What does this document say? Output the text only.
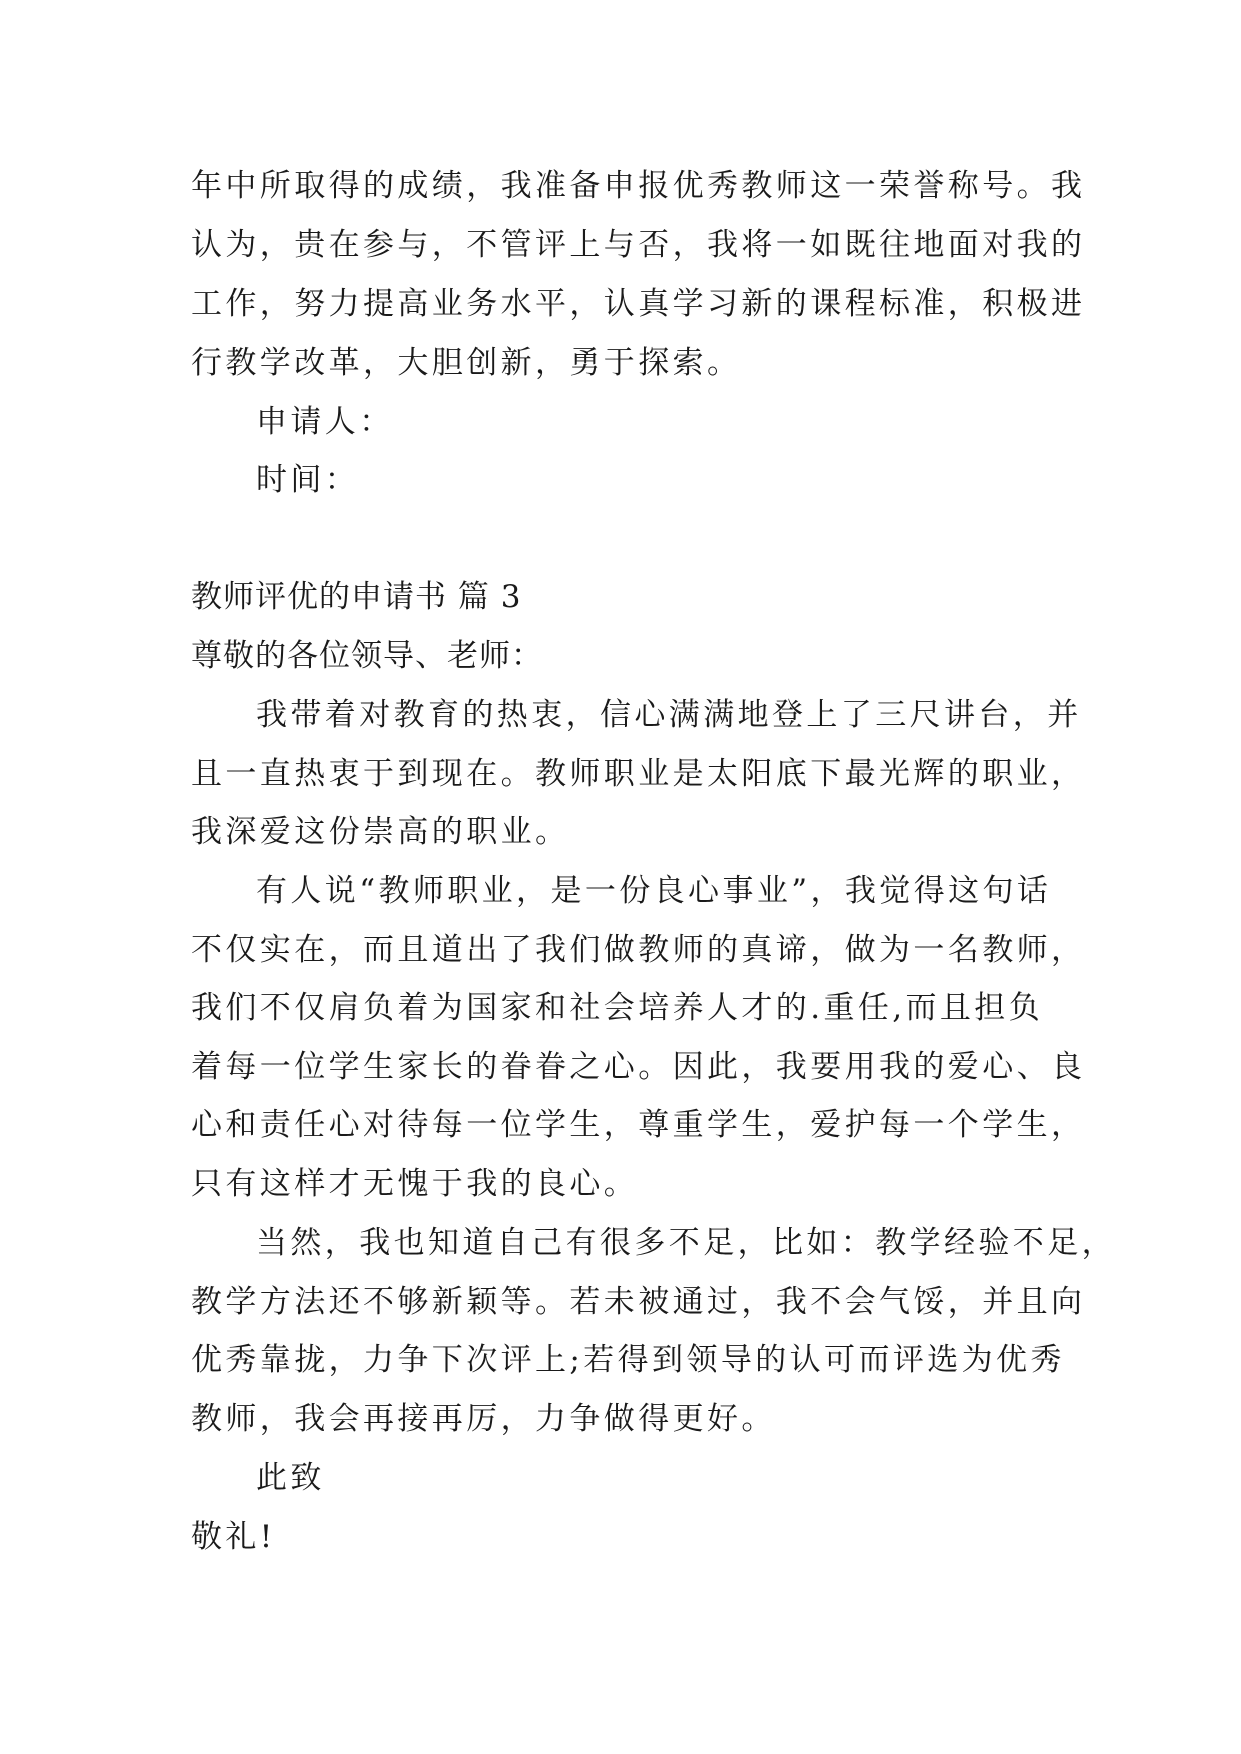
年中所取得的成绩，我准备申报优秀教师这一荣誉称号。我
认为，贵在参与，不管评上与否，我将一如既往地面对我的
工作，努力提高业务水平，认真学习新的课程标准，积极进
行教学改革，大胆创新，勇于探索。
申请人：
时间：
教师评优的申请书 篇 3
尊敬的各位领导、老师：
我带着对教育的热衷，信心满满地登上了三尺讲台，并
且一直热衷于到现在。教师职业是太阳底下最光辉的职业，
我深爱这份崇高的职业。
有人说“教师职业，是一份良心事业”，我觉得这句话
不仅实在，而且道出了我们做教师的真谛，做为一名教师，
我们不仅肩负着为国家和社会培养人才的.重任,而且担负
着每一位学生家长的眷眷之心。因此，我要用我的爱心、良
心和责任心对待每一位学生，尊重学生，爱护每一个学生，
只有这样才无愧于我的良心。
当然，我也知道自己有很多不足，比如：教学经验不足，
教学方法还不够新颖等。若未被通过，我不会气馁，并且向
优秀靠拢，力争下次评上;若得到领导的认可而评选为优秀
教师，我会再接再厉，力争做得更好。
此致
敬礼!
